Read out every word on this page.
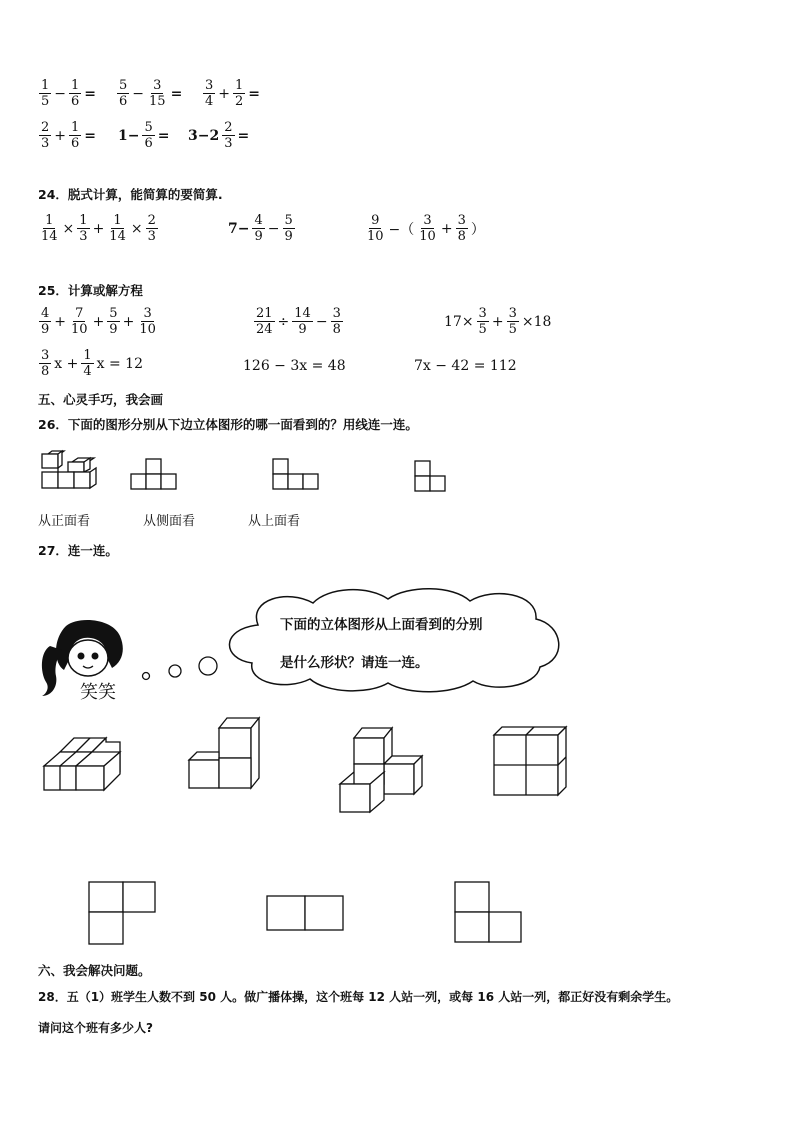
$\frac{1}{5} - \frac{1}{6} = \frac{5}{6} - \frac{3}{15} = \frac{3}{4} + \frac{1}{2}$ =
$\frac{2}{3} + \frac{1}{6} = 1- \frac{5}{6} = 3-2 \frac{2}{3}$ =
24．脱式计算，能简算的要简算.
$\frac{1}{14} \times \frac{1}{3} + \frac{1}{14} \times \frac{2}{3}$	$7- \frac{4}{9} - \frac{5}{9}$	$\frac{9}{10}$ −（ $\frac{3}{10} + \frac{3}{8}$ ）
25．计算或解方程
$\frac{4}{9} + \frac{7}{10} + \frac{5}{9} + \frac{3}{10}$	$\frac{21}{24} \div \frac{14}{9} - \frac{3}{8}$	$17\times \frac{3}{5} + \frac{3}{5} \times 18$
$\frac{3}{8}$ $x + \frac{1}{4}$ x = 12	126 − 3x = 48	7x − 42 = 112
五、心灵手巧，我会画
26．下面的图形分别从下边立体图形的哪一面看到的？用线连一连。
从正面看	从侧面看	从上面看
27．连一连。
笑笑
下面的立体图形从上面看到的分别
是什么形状？请连一连。
六、我会解决问题。
28．五（1）班学生人数不到 50 人。做广播体操，这个班每 12 人站一列，或每 16 人站一列，都正好没有剩余学生。
请问这个班有多少人?
